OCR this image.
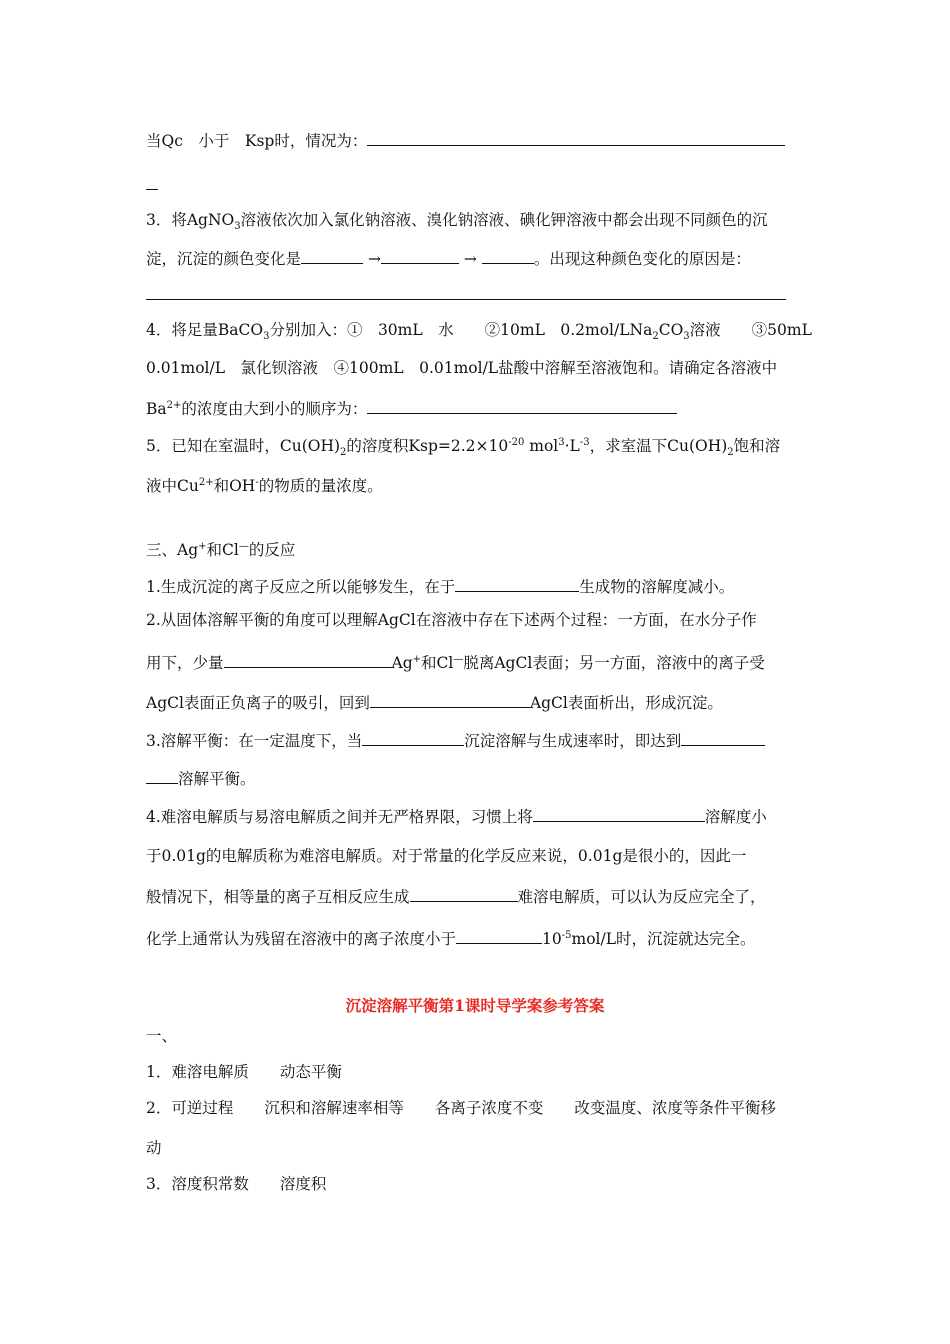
当Qc　小于　Ksp时，情况为：
3．将AgNO$_3$溶液依次加入氯化钠溶液、溴化钠溶液、碘化钾溶液中都会出现不同颜色的沉
淀，沉淀的颜色变化是	→	→	。出现这种颜色变化的原因是：
4．将足量BaCO$_3$分别加入：①　30mL　水　　②10mL　$0.2mol/LNa_2CO_3$溶液　　③50mL
0.01mol/L　氯化钡溶液　④100mL　0.01mol/L盐酸中溶解至溶液饱和。请确定各溶液中
$Ba^{2+}$的浓度由大到小的顺序为：
5．已知在室温时，$Cu(OH)_2$的溶度积$Ksp=2.2\times 10^{-20}$ $mol^3\cdot L^{-3}$，求室温下$Cu(OH)_2$饱和溶
液中$Cu^{2+}$和OH-的物质的量浓度。
三、Ag+和Cl—的反应
1.生成沉淀的离子反应之所以能够发生，在于	生成物的溶解度减小。
2.从固体溶解平衡的角度可以理解AgCl在溶液中存在下述两个过程：一方面，在水分子作
用下，少量	Ag+和Cl—脱离AgCl表面；另一方面，溶液中的离子受
AgCl表面正负离子的吸引，回到	AgCl表面析出，形成沉淀。
3.溶解平衡：在一定温度下，当	沉淀溶解与生成速率时，即达到
溶解平衡。
4.难溶电解质与易溶电解质之间并无严格界限，习惯上将	溶解度小
于0.01g的电解质称为难溶电解质。对于常量的化学反应来说，0.01g是很小的，因此一
般情况下，相等量的离子互相反应生成	难溶电解质，可以认为反应完全了，
化学上通常认为残留在溶液中的离子浓度小于	$10^{-5}mol/L$时，沉淀就达完全。
沉淀溶解平衡第1课时导学案参考答案
一、
1．难溶电解质　　动态平衡
2．可逆过程　　沉积和溶解速率相等　　各离子浓度不变　　改变温度、浓度等条件平衡移
动
3．溶度积常数　　溶度积
